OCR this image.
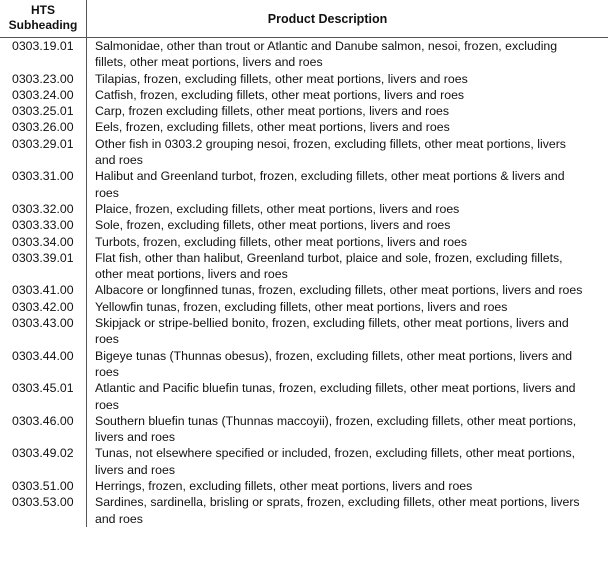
HTS
Subheading	Product Description
0303.19.01	Salmonidae, other than trout or Atlantic and Danube salmon, nesoi, frozen, excluding fillets, other meat portions, livers and roes
0303.23.00	Tilapias, frozen, excluding fillets, other meat portions, livers and roes
0303.24.00	Catfish, frozen, excluding fillets, other meat portions, livers and roes
0303.25.01	Carp, frozen excluding fillets, other meat portions, livers and roes
0303.26.00	Eels, frozen, excluding fillets, other meat portions, livers and roes
0303.29.01	Other fish in 0303.2 grouping nesoi, frozen, excluding fillets, other meat portions, livers and roes
0303.31.00	Halibut and Greenland turbot, frozen, excluding fillets, other meat portions & livers and roes
0303.32.00	Plaice, frozen, excluding fillets, other meat portions, livers and roes
0303.33.00	Sole, frozen, excluding fillets, other meat portions, livers and roes
0303.34.00	Turbots, frozen, excluding fillets, other meat portions, livers and roes
0303.39.01	Flat fish, other than halibut, Greenland turbot, plaice and sole, frozen, excluding fillets, other meat portions, livers and roes
0303.41.00	Albacore or longfinned tunas, frozen, excluding fillets, other meat portions, livers and roes
0303.42.00	Yellowfin tunas, frozen, excluding fillets, other meat portions, livers and roes
0303.43.00	Skipjack or stripe-bellied bonito, frozen, excluding fillets, other meat portions, livers and roes
0303.44.00	Bigeye tunas (Thunnas obesus), frozen, excluding fillets, other meat portions, livers and roes
0303.45.01	Atlantic and Pacific bluefin tunas, frozen, excluding fillets, other meat portions, livers and roes
0303.46.00	Southern bluefin tunas (Thunnas maccoyii), frozen, excluding fillets, other meat portions, livers and roes
0303.49.02	Tunas, not elsewhere specified or included, frozen, excluding fillets, other meat portions, livers and roes
0303.51.00	Herrings, frozen, excluding fillets, other meat portions, livers and roes
0303.53.00	Sardines, sardinella, brisling or sprats, frozen, excluding fillets, other meat portions, livers and roes
